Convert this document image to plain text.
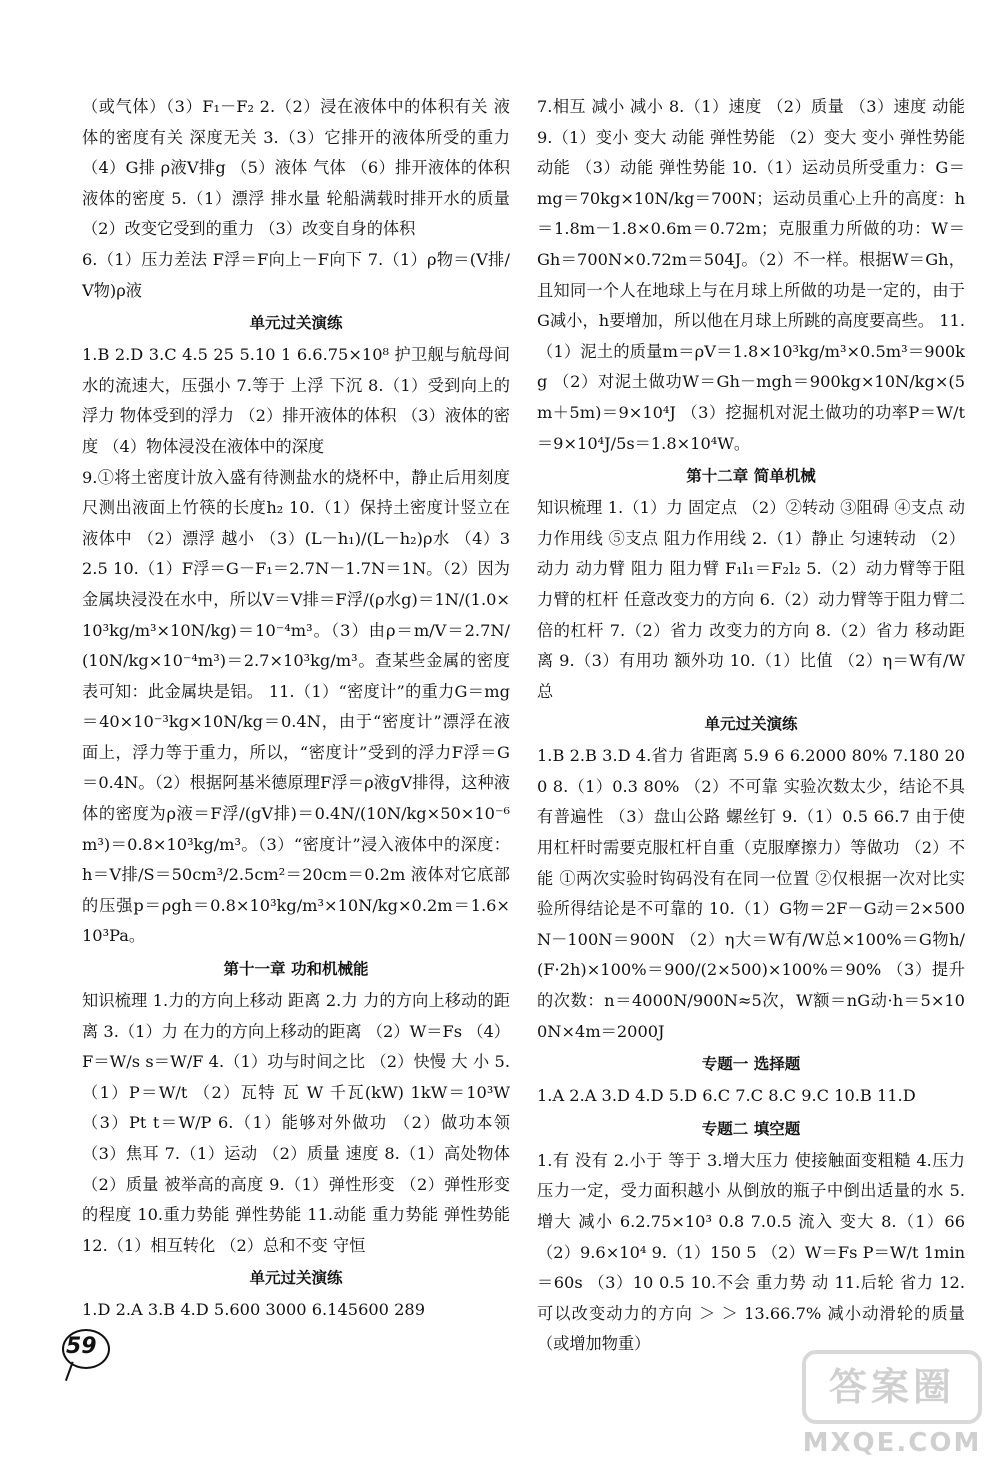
（或气体）（3）F₁－F₂ 2.（2）浸在液体中的体积有关 液体的密度有关 深度无关 3.（3）它排开的液体所受的重力 （4）G排 ρ液V排g （5）液体 气体 （6）排开液体的体积 液体的密度 5.（1）漂浮 排水量 轮船满载时排开水的质量 （2）改变它受到的重力 （3）改变自身的体积

6.（1）压力差法 F浮＝F向上－F向下 7.（1）ρ物＝(V排/V物)ρ液

单元过关演练

1.B 2.D 3.C 4.5 25 5.10 1 6.6.75×10⁸ 护卫舰与航母间水的流速大，压强小 7.等于 上浮 下沉 8.（1）受到向上的浮力 物体受到的浮力 （2）排开液体的体积 （3）液体的密度 （4）物体浸没在液体中的深度

9.①将土密度计放入盛有待测盐水的烧杯中，静止后用刻度尺测出液面上竹筷的长度h₂ 10.（1）保持土密度计竖立在液体中 （2）漂浮 越小 （3）(L－h₁)/(L－h₂)ρ水 （4）32.5 10.（1）F浮＝G－F₁＝2.7N－1.7N＝1N。（2）因为金属块浸没在水中，所以V＝V排＝F浮/(ρ水g)＝1N/(1.0×10³kg/m³×10N/kg)＝10⁻⁴m³。（3）由ρ＝m/V＝2.7N/(10N/kg×10⁻⁴m³)＝2.7×10³kg/m³。查某些金属的密度表可知：此金属块是铝。 11.（1）“密度计”的重力G＝mg＝40×10⁻³kg×10N/kg＝0.4N，由于“密度计”漂浮在液面上，浮力等于重力，所以，“密度计”受到的浮力F浮＝G＝0.4N。（2）根据阿基米德原理F浮＝ρ液gV排得，这种液体的密度为ρ液＝F浮/(gV排)＝0.4N/(10N/kg×50×10⁻⁶m³)＝0.8×10³kg/m³。（3）“密度计”浸入液体中的深度：h＝V排/S＝50cm³/2.5cm²＝20cm＝0.2m 液体对它底部的压强p＝ρgh＝0.8×10³kg/m³×10N/kg×0.2m＝1.6×10³Pa。

第十一章 功和机械能

知识梳理 1.力的方向上移动 距离 2.力 力的方向上移动的距离 3.（1）力 在力的方向上移动的距离 （2）W＝Fs （4）F＝W/s s＝W/F 4.（1）功与时间之比 （2）快慢 大 小 5.（1）P＝W/t （2）瓦特 瓦 W 千瓦(kW) 1kW＝10³W （3）Pt t＝W/P 6.（1）能够对外做功 （2）做功本领 （3）焦耳 7.（1）运动 （2）质量 速度 8.（1）高处物体 （2）质量 被举高的高度 9.（1）弹性形变 （2）弹性形变的程度 10.重力势能 弹性势能 11.动能 重力势能 弹性势能 12.（1）相互转化 （2）总和不变 守恒

单元过关演练

1.D 2.A 3.B 4.D 5.600 3000 6.145600 289

7.相互 减小 减小 8.（1）速度 （2）质量 （3）速度 动能 9.（1）变小 变大 动能 弹性势能 （2）变大 变小 弹性势能 动能 （3）动能 弹性势能 10.（1）运动员所受重力：G＝mg＝70kg×10N/kg＝700N；运动员重心上升的高度：h＝1.8m－1.8×0.6m＝0.72m；克服重力所做的功：W＝Gh＝700N×0.72m＝504J。（2）不一样。根据W＝Gh，且知同一个人在地球上与在月球上所做的功是一定的，由于G减小，h要增加，所以他在月球上所跳的高度要高些。 11.（1）泥土的质量m＝ρV＝1.8×10³kg/m³×0.5m³＝900kg （2）对泥土做功W＝Gh－mgh＝900kg×10N/kg×(5m＋5m)＝9×10⁴J （3）挖掘机对泥土做功的功率P＝W/t＝9×10⁴J/5s＝1.8×10⁴W。

第十二章 简单机械

知识梳理 1.（1）力 固定点 （2）②转动 ③阻碍 ④支点 动力作用线 ⑤支点 阻力作用线 2.（1）静止 匀速转动 （2）动力 动力臂 阻力 阻力臂 F₁l₁＝F₂l₂ 5.（2）动力臂等于阻力臂的杠杆 任意改变力的方向 6.（2）动力臂等于阻力臂二倍的杠杆 7.（2）省力 改变力的方向 8.（2）省力 移动距离 9.（3）有用功 额外功 10.（1）比值 （2）η＝W有/W总

单元过关演练

1.B 2.B 3.D 4.省力 省距离 5.9 6 6.2000 80% 7.180 200 8.（1）0.3 80% （2）不可靠 实验次数太少，结论不具有普遍性 （3）盘山公路 螺丝钉 9.（1）0.5 66.7 由于使用杠杆时需要克服杠杆自重（克服摩擦力）等做功 （2）不能 ①两次实验时钩码没有在同一位置 ②仅根据一次对比实验所得结论是不可靠的 10.（1）G物＝2F－G动＝2×500N－100N＝900N （2）η大＝W有/W总×100%＝G物h/(F·2h)×100%＝900/(2×500)×100%＝90% （3）提升的次数：n＝4000N/900N≈5次，W额＝nG动·h＝5×100N×4m＝2000J

专题一 选择题

1.A 2.A 3.D 4.D 5.D 6.C 7.C 8.C 9.C 10.B 11.D

专题二 填空题

1.有 没有 2.小于 等于 3.增大压力 使接触面变粗糙 4.压力 压力一定，受力面积越小 从倒放的瓶子中倒出适量的水 5.增大 减小 6.2.75×10³ 0.8 7.0.5 流入 变大 8.（1）66 （2）9.6×10⁴ 9.（1）150 5 （2）W＝Fs P＝W/t 1min＝60s （3）10 0.5 10.不会 重力势 动 11.后轮 省力 12.可以改变动力的方向 ＞ ＞ 13.66.7% 减小动滑轮的质量（或增加物重）

59
答案圈
MXQE.COM
